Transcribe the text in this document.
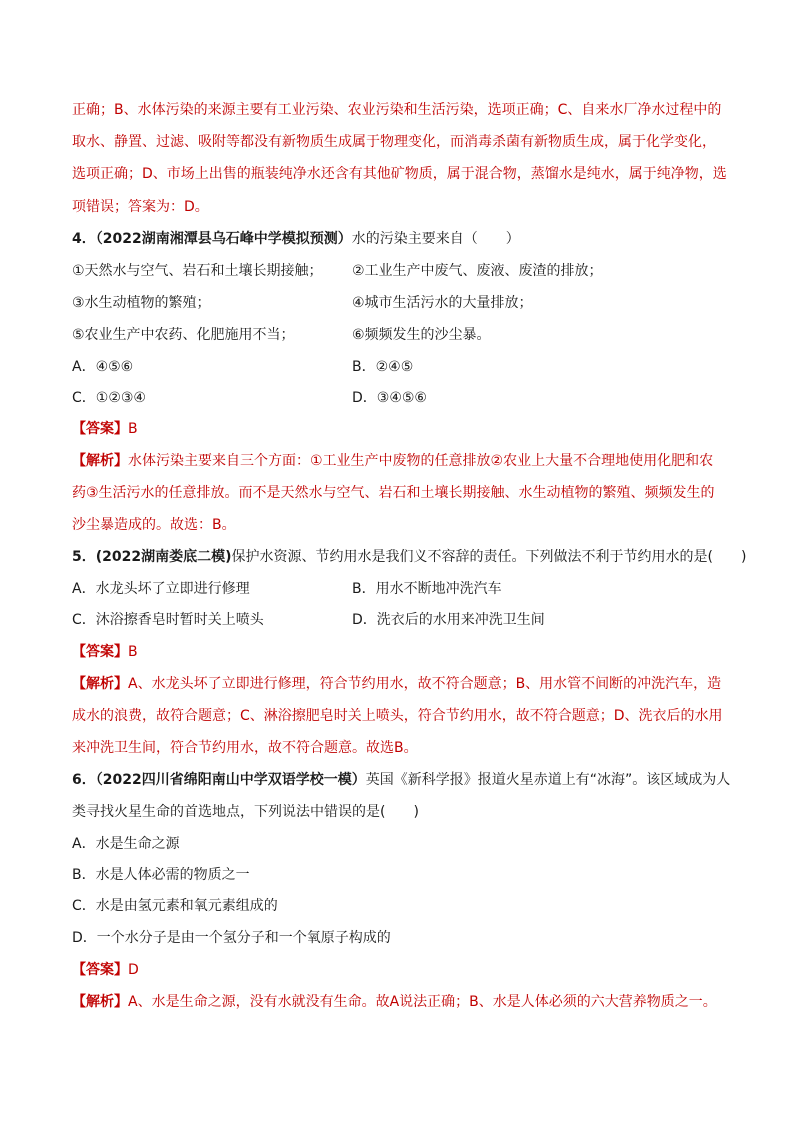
正确；B、水体污染的来源主要有工业污染、农业污染和生活污染，选项正确；C、自来水厂净水过程中的
取水、静置、过滤、吸附等都没有新物质生成属于物理变化，而消毒杀菌有新物质生成，属于化学变化，
选项正确；D、市场上出售的瓶装纯净水还含有其他矿物质，属于混合物，蒸馏水是纯水，属于纯净物，选
项错误；答案为：D。
4．（2022湖南湘潭县乌石峰中学模拟预测）水的污染主要来自（　　）
①天然水与空气、岩石和土壤长期接触； ②工业生产中废气、废液、废渣的排放；
③水生动植物的繁殖；	④城市生活污水的大量排放；
⑤农业生产中农药、化肥施用不当；	⑥频频发生的沙尘暴。
A．④⑤⑥	B．②④⑤
C．①②③④	D．③④⑤⑥
【答案】B
【解析】水体污染主要来自三个方面：①工业生产中废物的任意排放②农业上大量不合理地使用化肥和农
药③生活污水的任意排放。而不是天然水与空气、岩石和土壤长期接触、水生动植物的繁殖、频频发生的
沙尘暴造成的。故选：B。
5．(2022湖南娄底二模)保护水资源、节约用水是我们义不容辞的责任。下列做法不利于节约用水的是(　　)
A．水龙头坏了立即进行修理	B．用水不断地冲洗汽车
C．沐浴擦香皂时暂时关上喷头	D．洗衣后的水用来冲洗卫生间
【答案】B
【解析】A、水龙头坏了立即进行修理，符合节约用水，故不符合题意；B、用水管不间断的冲洗汽车，造
成水的浪费，故符合题意；C、淋浴擦肥皂时关上喷头，符合节约用水，故不符合题意；D、洗衣后的水用
来冲洗卫生间，符合节约用水，故不符合题意。故选B。
6．（2022四川省绵阳南山中学双语学校一模）英国《新科学报》报道火星赤道上有“冰海”。该区域成为人
类寻找火星生命的首选地点，下列说法中错误的是(　　)
A．水是生命之源
B．水是人体必需的物质之一
C．水是由氢元素和氧元素组成的
D．一个水分子是由一个氢分子和一个氧原子构成的
【答案】D
【解析】A、水是生命之源，没有水就没有生命。故A说法正确；B、水是人体必须的六大营养物质之一。
